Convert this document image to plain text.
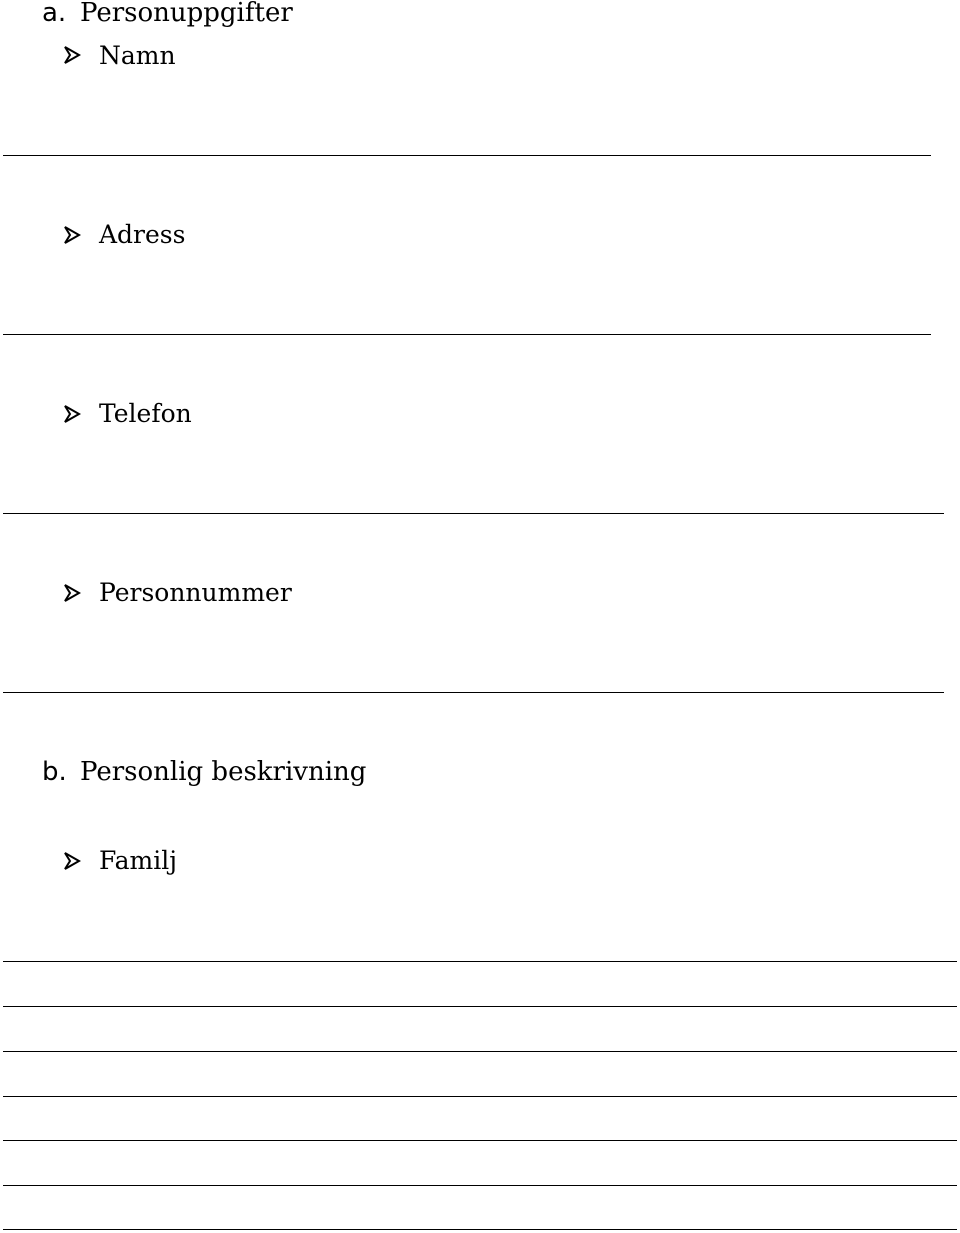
a. Personuppgifter
Namn
Adress
Telefon
Personnummer
b. Personlig beskrivning
Familj
